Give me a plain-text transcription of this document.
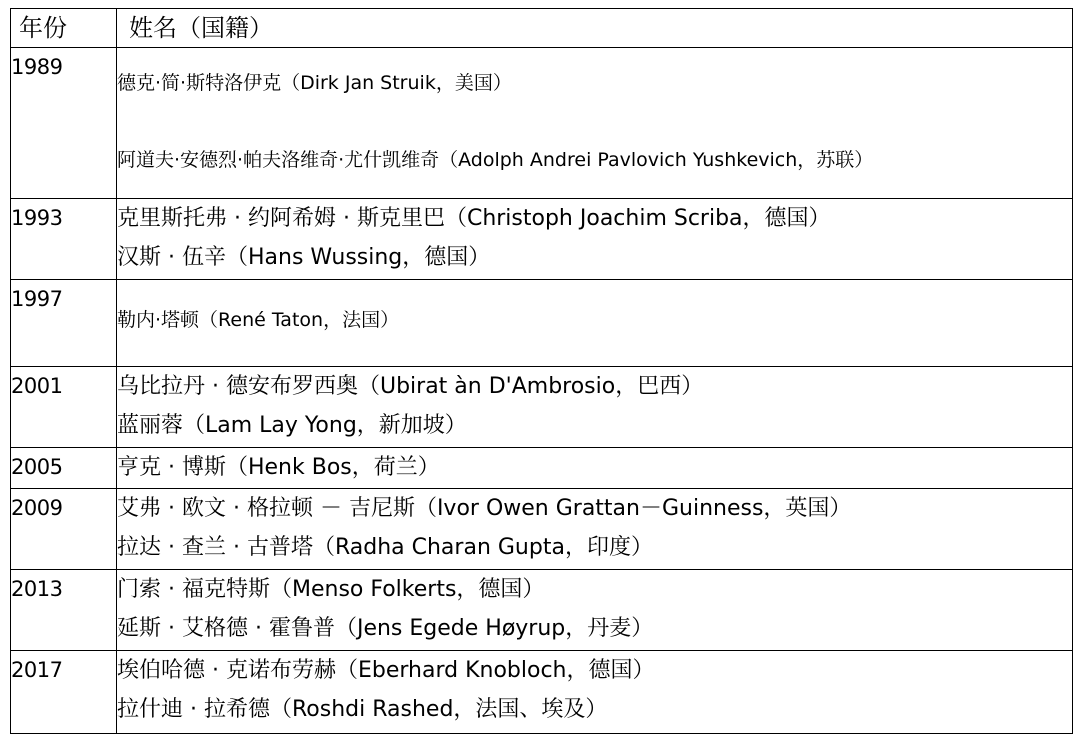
年份	姓名（国籍）
1989	德克·简·斯特洛伊克（Dirk Jan Struik，美国）
阿道夫·安德烈·帕夫洛维奇·尤什凯维奇（Adolph Andrei Pavlovich Yushkevich，苏联）

1993	克里斯托弗 · 约阿希姆 · 斯克里巴（Christoph Joachim Scriba，德国）
汉斯 · 伍辛（Hans Wussing，德国）

1997	勒内·塔顿（René Taton，法国）

2001	乌比拉丹 · 德安布罗西奥（Ubirat àn D'Ambrosio，巴西）
蓝丽蓉（Lam Lay Yong，新加坡）

2005	亨克 · 博斯（Henk Bos，荷兰）

2009	艾弗 · 欧文 · 格拉顿 － 吉尼斯（Ivor Owen Grattan－Guinness，英国）
拉达 · 查兰 · 古普塔（Radha Charan Gupta，印度）

2013	门索 · 福克特斯（Menso Folkerts，德国）
延斯 · 艾格德 · 霍鲁普（Jens Egede Høyrup，丹麦）

2017	埃伯哈德 · 克诺布劳赫（Eberhard Knobloch，德国）
拉什迪 · 拉希德（Roshdi Rashed，法国、埃及）
